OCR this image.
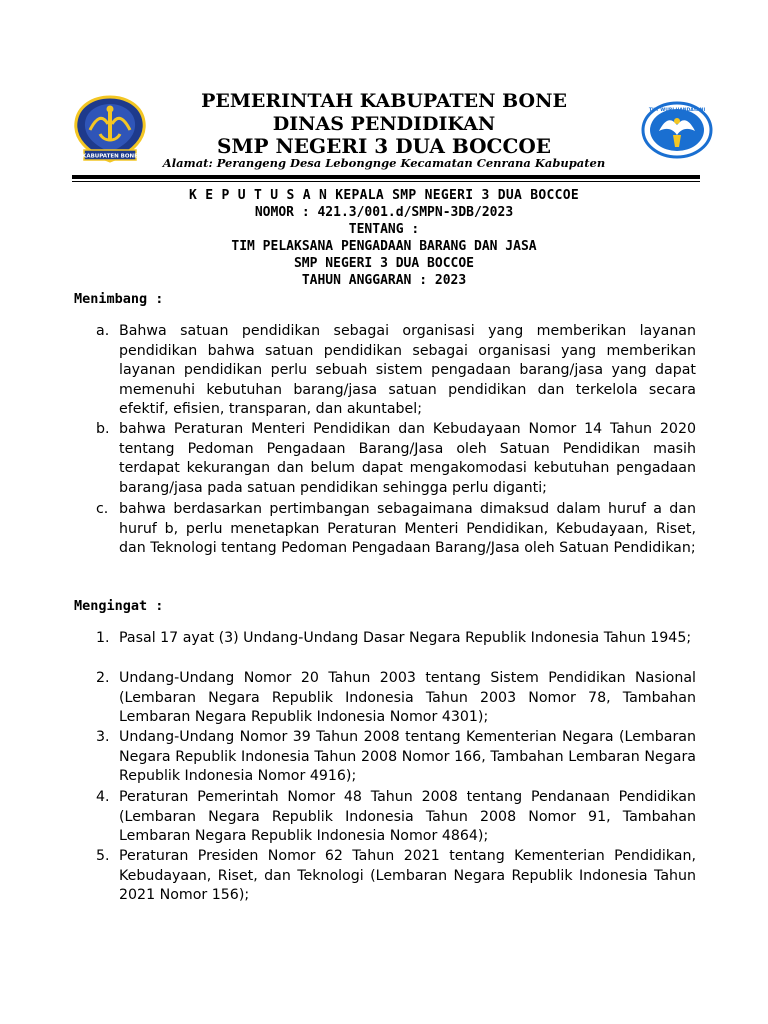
KABUPATEN BONE
PEMERINTAH KABUPATEN BONE
DINAS PENDIDIKAN
SMP NEGERI 3 DUA BOCCOE
Alamat: Perangeng Desa Lebongnge Kecamatan Cenrana Kabupaten
TUT WURI HANDAYANI
K E P U T U S A N KEPALA SMP NEGERI 3 DUA BOCCOE
NOMOR : 421.3/001.d/SMPN-3DB/2023
TENTANG :
TIM PELAKSANA PENGADAAN BARANG DAN JASA
SMP NEGERI 3 DUA BOCCOE
TAHUN ANGGARAN : 2023
Menimbang :
a. Bahwa satuan pendidikan sebagai organisasi yang memberikan layanan pendidikan bahwa satuan pendidikan sebagai organisasi yang memberikan layanan pendidikan perlu sebuah sistem pengadaan barang/jasa yang dapat memenuhi kebutuhan barang/jasa satuan pendidikan dan terkelola secara efektif, efisien, transparan, dan akuntabel;
b. bahwa Peraturan Menteri Pendidikan dan Kebudayaan Nomor 14 Tahun 2020 tentang Pedoman Pengadaan Barang/Jasa oleh Satuan Pendidikan masih terdapat kekurangan dan belum dapat mengakomodasi kebutuhan pengadaan barang/jasa pada satuan pendidikan sehingga perlu diganti;
c. bahwa berdasarkan pertimbangan sebagaimana dimaksud dalam huruf a dan huruf b, perlu menetapkan Peraturan Menteri Pendidikan, Kebudayaan, Riset, dan Teknologi tentang Pedoman Pengadaan Barang/Jasa oleh Satuan Pendidikan;
Mengingat :
1. Pasal 17 ayat (3) Undang-Undang Dasar Negara Republik Indonesia Tahun 1945;
2. Undang-Undang Nomor 20 Tahun 2003 tentang Sistem Pendidikan Nasional (Lembaran Negara Republik Indonesia Tahun 2003 Nomor 78, Tambahan Lembaran Negara Republik Indonesia Nomor 4301);
3. Undang-Undang Nomor 39 Tahun 2008 tentang Kementerian Negara (Lembaran Negara Republik Indonesia Tahun 2008 Nomor 166, Tambahan Lembaran Negara Republik Indonesia Nomor 4916);
4. Peraturan Pemerintah Nomor 48 Tahun 2008 tentang Pendanaan Pendidikan (Lembaran Negara Republik Indonesia Tahun 2008 Nomor 91, Tambahan Lembaran Negara Republik Indonesia Nomor 4864);
5. Peraturan Presiden Nomor 62 Tahun 2021 tentang Kementerian Pendidikan, Kebudayaan, Riset, dan Teknologi (Lembaran Negara Republik Indonesia Tahun 2021 Nomor 156);
